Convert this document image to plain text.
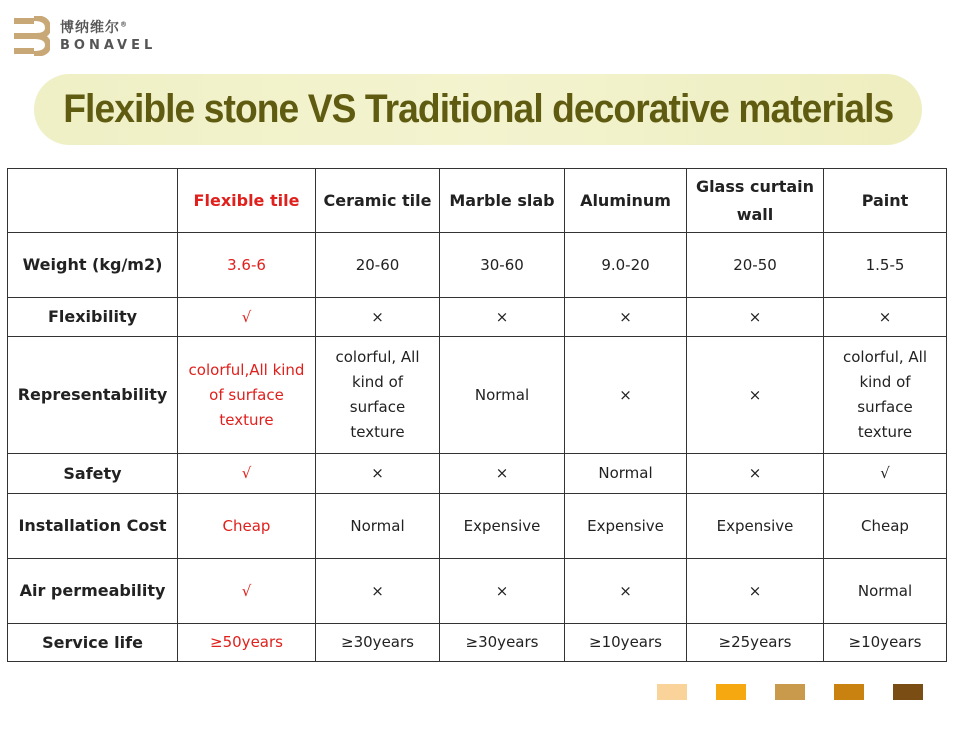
博纳维尔®
BONAVEL
Flexible stone VS Traditional decorative materials
	Flexible tile	Ceramic tile	Marble slab	Aluminum	Glass curtain wall	Paint
Weight (kg/m2)	3.6-6	20-60	30-60	9.0-20	20-50	1.5-5
Flexibility	√	×	×	×	×	×
Representability	colorful,All kind of surface texture	colorful, All kind of surface texture	Normal	×	×	colorful, All kind of surface texture
Safety	√	×	×	Normal	×	√
Installation Cost	Cheap	Normal	Expensive	Expensive	Expensive	Cheap
Air permeability	√	×	×	×	×	Normal
Service life	≥50years	≥30years	≥30years	≥10years	≥25years	≥10years
